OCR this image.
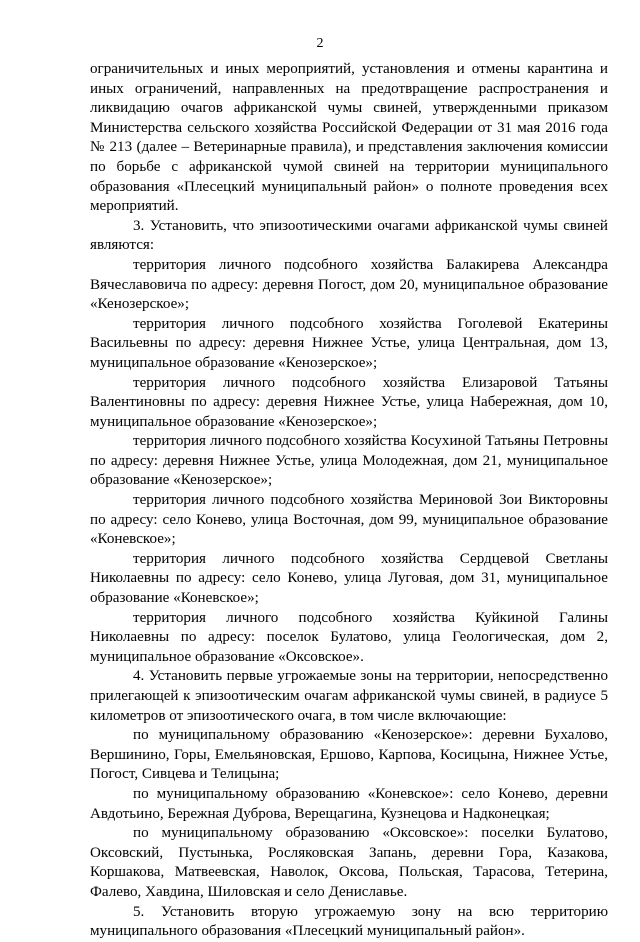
2

ограничительных и иных мероприятий, установления и отмены карантина и иных ограничений, направленных на предотвращение распространения и ликвидацию очагов африканской чумы свиней, утвержденными приказом Министерства сельского хозяйства Российской Федерации от 31 мая 2016 года № 213 (далее – Ветеринарные правила), и представления заключения комиссии по борьбе с африканской чумой свиней на территории муниципального образования «Плесецкий муниципальный район» о полноте проведения всех мероприятий.

3. Установить, что эпизоотическими очагами африканской чумы свиней являются:

территория личного подсобного хозяйства Балакиревa Александра Вячеславовича по адресу: деревня Погост, дом 20, муниципальное образование «Кенозерское»;

территория личного подсобного хозяйства Гоголевой Екатерины Васильевны по адресу: деревня Нижнее Устье, улица Центральная, дом 13, муниципальное образование «Кенозерское»;

территория личного подсобного хозяйства Елизаровой Татьяны Валентиновны по адресу: деревня Нижнее Устье, улица Набережная, дом 10, муниципальное образование «Кенозерское»;

территория личного подсобного хозяйства Косухиной Татьяны Петровны по адресу: деревня Нижнее Устье, улица Молодежная, дом 21, муниципальное образование «Кенозерское»;

территория личного подсобного хозяйства Мериновой Зои Викторовны по адресу: село Конево, улица Восточная, дом 99, муниципальное образование «Коневское»;

территория личного подсобного хозяйства Сердцевой Светланы Николаевны по адресу: село Конево, улица Луговая, дом 31, муниципальное образование «Коневское»;

территория личного подсобного хозяйства Куйкиной Галины Николаевны по адресу: поселок Булатово, улица Геологическая, дом 2, муниципальное образование «Оксовское».

4. Установить первые угрожаемые зоны на территории, непосредственно прилегающей к эпизоотическим очагам африканской чумы свиней, в радиусе 5 километров от эпизоотического очага, в том числе включающие:

по муниципальному образованию «Кенозерское»: деревни Бухалово, Вершинино, Горы, Емельяновская, Ершово, Карпова, Косицына, Нижнее Устье, Погост, Сивцева и Телицына;

по муниципальному образованию «Коневское»: село Конево, деревни Авдотьино, Бережная Дуброва, Верещагина, Кузнецова и Надконецкая;

по муниципальному образованию «Оксовское»: поселки Булатово, Оксовский, Пустынька, Росляковская Запань, деревни Гора, Казакова, Коршакова, Матвеевская, Наволок, Оксова, Польская, Тарасова, Тетерина, Фалево, Хавдина, Шиловская и село Дениславье.

5. Установить вторую угрожаемую зону на всю территорию муниципального образования «Плесецкий муниципальный район».
